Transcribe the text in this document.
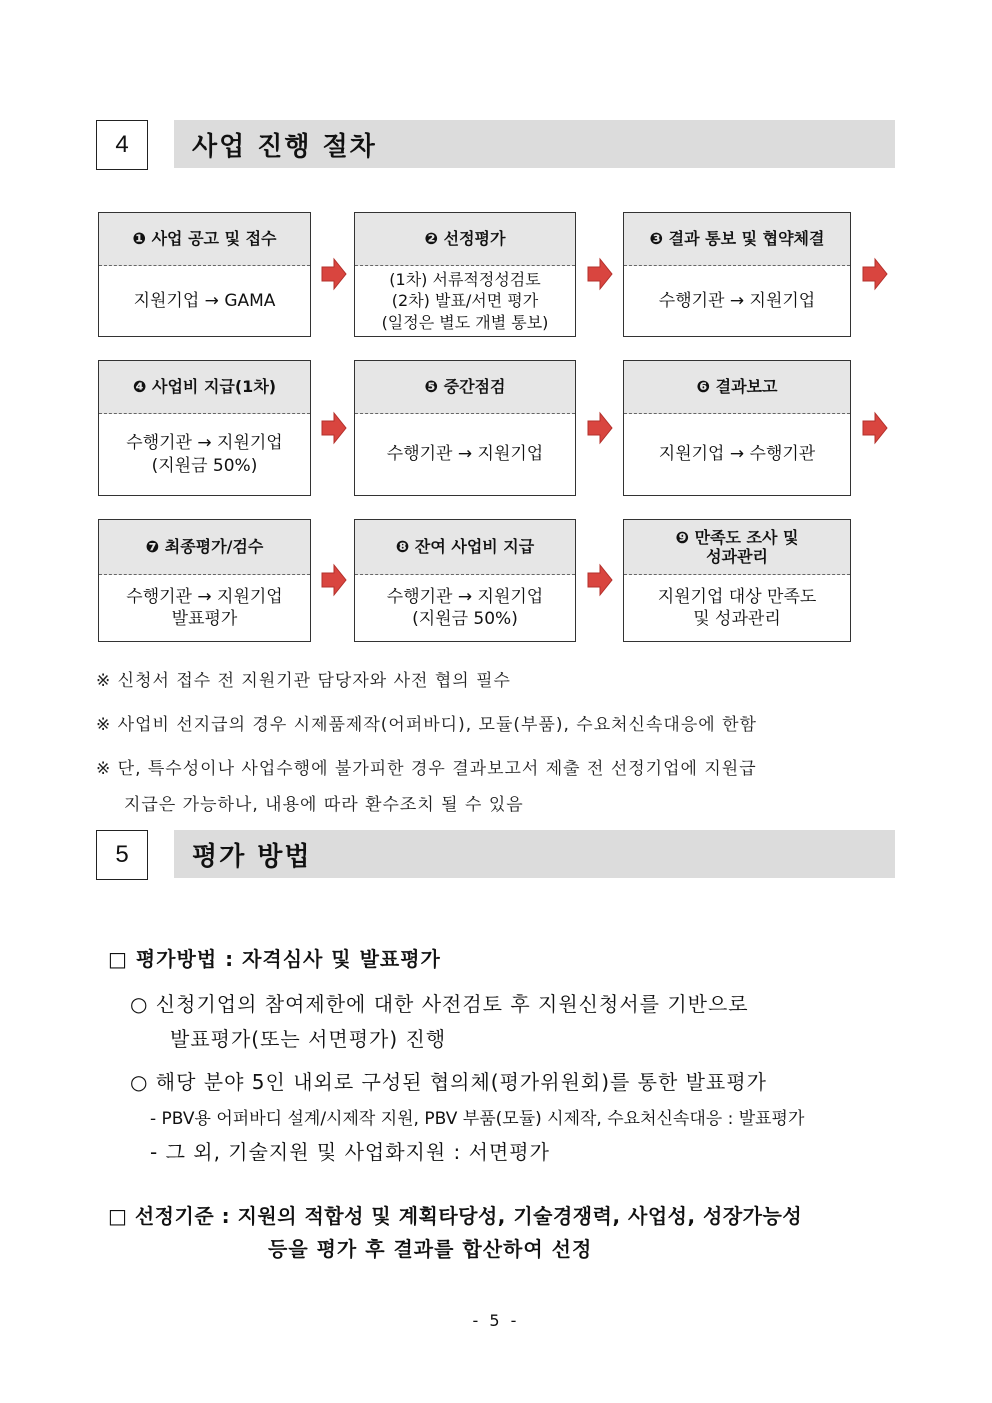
4	사업 진행 절차
❶ 사업 공고 및 접수
지원기업 → GAMA
❷ 선정평가
(1차) 서류적정성검토
(2차) 발표/서면 평가
(일정은 별도 개별 통보)
❸ 결과 통보 및 협약체결
수행기관 → 지원기업
❹ 사업비 지급(1차)
수행기관 → 지원기업
(지원금 50%)
❺ 중간점검
수행기관 → 지원기업
❻ 결과보고
지원기업 → 수행기관
❼ 최종평가/검수
수행기관 → 지원기업
발표평가
❽ 잔여 사업비 지급
수행기관 → 지원기업
(지원금 50%)
❾ 만족도 조사 및
성과관리
지원기업 대상 만족도
및 성과관리
※ 신청서 접수 전 지원기관 담당자와 사전 협의 필수
※ 사업비 선지급의 경우 시제품제작(어퍼바디), 모듈(부품), 수요처신속대응에 한함
※ 단, 특수성이나 사업수행에 불가피한 경우 결과보고서 제출 전 선정기업에 지원급
지급은 가능하나, 내용에 따라 환수조치 될 수 있음
5	평가 방법
□ 평가방법 : 자격심사 및 발표평가
○ 신청기업의 참여제한에 대한 사전검토 후 지원신청서를 기반으로
발표평가(또는 서면평가) 진행
○ 해당 분야 5인 내외로 구성된 협의체(평가위원회)를 통한 발표평가
- PBV용 어퍼바디 설계/시제작 지원, PBV 부품(모듈) 시제작, 수요처신속대응 : 발표평가
- 그 외, 기술지원 및 사업화지원 : 서면평가
□ 선정기준 : 지원의 적합성 및 계획타당성, 기술경쟁력, 사업성, 성장가능성
등을 평가 후 결과를 합산하여 선정
- 5 -
